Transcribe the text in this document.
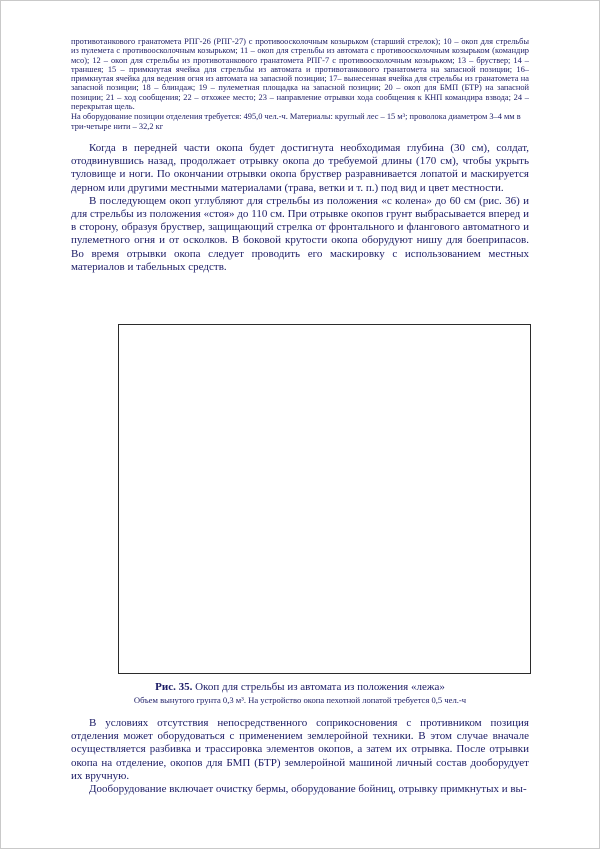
противотанкового гранатомета РПГ-26 (РПГ-27) с противоосколочным козырьком (старший стрелок); 10 – окоп для стрельбы из пулемета с противоосколочным козырьком; 11 – окоп для стрельбы из автомата с противоосколочным козырьком (командир мсо); 12 – окоп для стрельбы из противотанкового гранатомета РПГ-7 с противоосколочным козырьком; 13 – бруствер; 14 – траншея; 15 – примкнутая ячейка для стрельбы из автомата и противотанкового гранатомета на запасной позиции; 16– примкнутая ячейка для ведения огня из автомата на запасной позиции; 17– вынесенная ячейка для стрельбы из гранатомета на запасной позиции; 18 – блиндаж; 19 – пулеметная площадка на запасной позиции; 20 – окоп для БМП (БТР) на запасной позиции; 21 – ход сообщения; 22 – отхожее место; 23 – направление отрывки хода сообщения к КНП командира взвода; 24 – перекрытая щель.

На оборудование позиции отделения требуется: 495,0 чел.-ч. Материалы: круглый лес – 15 м³; проволока диаметром 3–4 мм в три-четыре нити – 32,2 кг

Когда в передней части окопа будет достигнута необходимая глубина (30 см), солдат, отодвинувшись назад, продолжает отрывку окопа до требуемой длины (170 см), чтобы укрыть туловище и ноги. По окончании отрывки окопа бруствер разравнивается лопатой и маскируется дерном или другими местными материалами (трава, ветки и т. п.) под вид и цвет местности.

В последующем окоп углубляют для стрельбы из положения «с колена» до 60 см (рис. 36) и для стрельбы из положения «стоя» до 110 см. При отрывке окопов грунт выбрасывается вперед и в сторону, образуя бруствер, защищающий стрелка от фронтального и флангового автоматного и пулеметного огня и от осколков. В боковой крутости окопа оборудуют нишу для боеприпасов. Во время отрывки окопа следует проводить его маскировку с использованием местных материалов и табельных средств.

Рис. 35. Окоп для стрельбы из автомата из положения «лежа»

Объем вынутого грунта 0,3 м³. На устройство окопа пехотной лопатой требуется 0,5 чел.-ч

В условиях отсутствия непосредственного соприкосновения с противником позиция отделения может оборудоваться с применением землеройной техники. В этом случае вначале осуществляется разбивка и трассировка элементов окопов, а затем их отрывка. После отрывки окопа на отделение, окопов для БМП (БТР) землеройной машиной личный состав дооборудует их вручную.

Дооборудование включает очистку бермы, оборудование бойниц, отрывку примкнутых и вы-
